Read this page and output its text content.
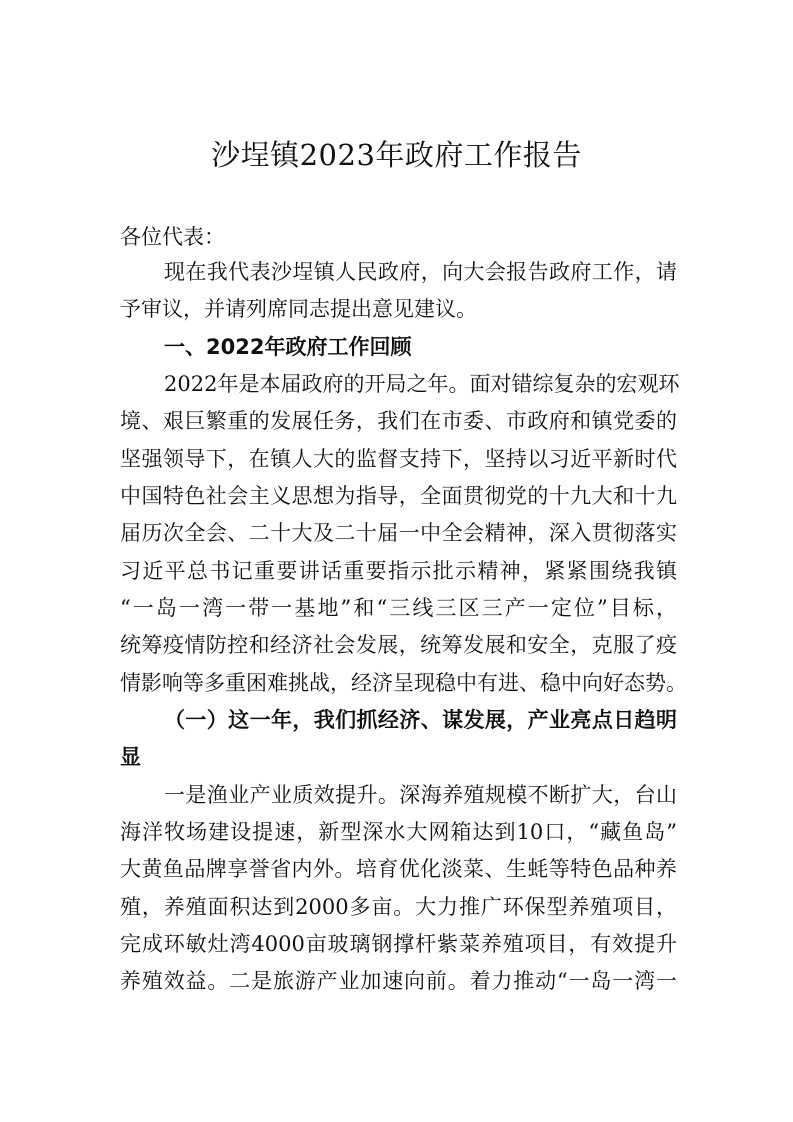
沙埕镇2023年政府工作报告
各位代表：
现在我代表沙埕镇人民政府，向大会报告政府工作，请
予审议，并请列席同志提出意见建议。
一、2022年政府工作回顾
2022年是本届政府的开局之年。面对错综复杂的宏观环
境、艰巨繁重的发展任务，我们在市委、市政府和镇党委的
坚强领导下，在镇人大的监督支持下，坚持以习近平新时代
中国特色社会主义思想为指导，全面贯彻党的十九大和十九
届历次全会、二十大及二十届一中全会精神，深入贯彻落实
习近平总书记重要讲话重要指示批示精神，紧紧围绕我镇
“一岛一湾一带一基地”和“三线三区三产一定位”目标，
统筹疫情防控和经济社会发展，统筹发展和安全，克服了疫
情影响等多重困难挑战，经济呈现稳中有进、稳中向好态势。
（一）这一年，我们抓经济、谋发展，产业亮点日趋明
显
一是渔业产业质效提升。深海养殖规模不断扩大，台山
海洋牧场建设提速，新型深水大网箱达到10口，“藏鱼岛”
大黄鱼品牌享誉省内外。培育优化淡菜、生蚝等特色品种养
殖，养殖面积达到2000多亩。大力推广环保型养殖项目，
完成环敏灶湾4000亩玻璃钢撑杆紫菜养殖项目，有效提升
养殖效益。二是旅游产业加速向前。着力推动“一岛一湾一
